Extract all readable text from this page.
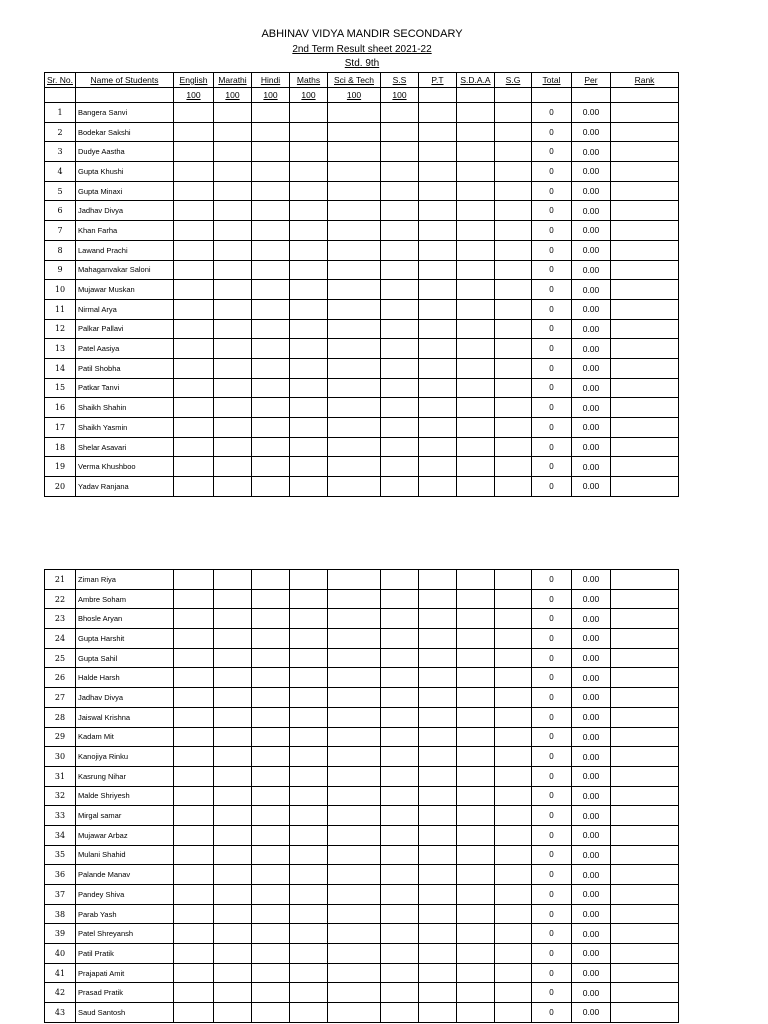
ABHINAV VIDYA MANDIR SECONDARY
2nd Term Result sheet 2021-22
Std. 9th
Sr. No.	Name of Students	English	Marathi	Hindi	Maths	Sci & Tech	S.S	P.T	S.D.A.A	S.G	Total	Per	Rank
		100	100	100	100	100	100						
1	Bangera Sanvi										0	0.00	
2	Bodekar Sakshi										0	0.00	
3	Dudye Aastha										0	0.00	
4	Gupta Khushi										0	0.00	
5	Gupta Minaxi										0	0.00	
6	Jadhav Divya										0	0.00	
7	Khan Farha										0	0.00	
8	Lawand Prachi										0	0.00	
9	Mahaganvakar Saloni										0	0.00	
10	Mujawar Muskan										0	0.00	
11	Nirmal Arya										0	0.00	
12	Palkar Pallavi										0	0.00	
13	Patel Aasiya										0	0.00	
14	Patil Shobha										0	0.00	
15	Patkar Tanvi										0	0.00	
16	Shaikh Shahin										0	0.00	
17	Shaikh Yasmin										0	0.00	
18	Shelar Asavari										0	0.00	
19	Verma Khushboo										0	0.00	
20	Yadav Ranjana										0	0.00	
21	Ziman Riya										0	0.00	
22	Ambre Soham										0	0.00	
23	Bhosle Aryan										0	0.00	
24	Gupta Harshit										0	0.00	
25	Gupta Sahil										0	0.00	
26	Halde Harsh										0	0.00	
27	Jadhav Divya										0	0.00	
28	Jaiswal Krishna										0	0.00	
29	Kadam Mit										0	0.00	
30	Kanojiya Rinku										0	0.00	
31	Kasrung Nihar										0	0.00	
32	Malde Shriyesh										0	0.00	
33	Mirgal samar										0	0.00	
34	Mujawar Arbaz										0	0.00	
35	Mulani Shahid										0	0.00	
36	Palande Manav										0	0.00	
37	Pandey Shiva										0	0.00	
38	Parab Yash										0	0.00	
39	Patel Shreyansh										0	0.00	
40	Patil Pratik										0	0.00	
41	Prajapati Amit										0	0.00	
42	Prasad Pratik										0	0.00	
43	Saud Santosh										0	0.00	
